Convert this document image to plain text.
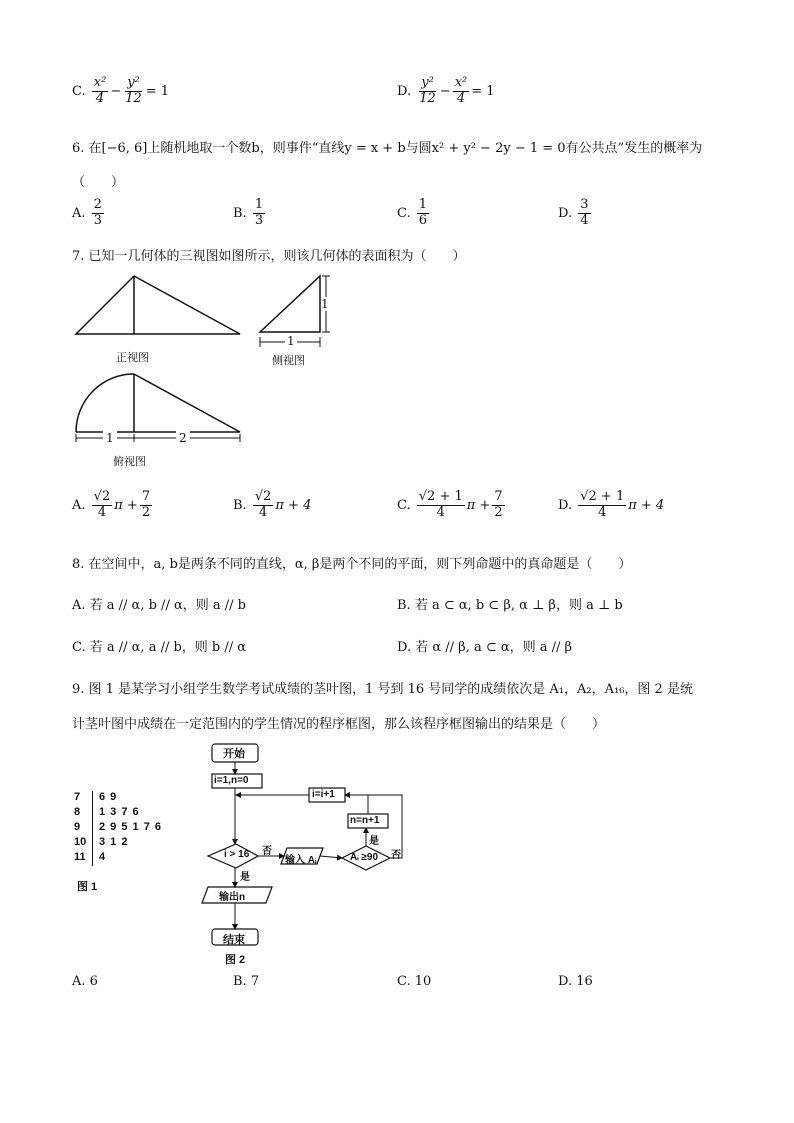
C. $\frac{\text{x²}}{4} - \frac{\text{y²}}{12} = 1$	D. $\frac{\text{y²}}{12} - \frac{\text{x²}}{4} = 1$
6. 在[−6, 6]上随机地取一个数b，则事件“直线y = x + b与圆x² + y² − 2y − 1 = 0有公共点”发生的概率为
（　　）
A. $\frac{2}{3}$	B. $\frac{1}{3}$	C. $\frac{1}{6}$	D. $\frac{3}{4}$
7. 已知一几何体的三视图如图所示，则该几何体的表面积为（　　）
正视图
1
1
侧视图
1	2
俯视图
A. $\frac{√2}{4}$ $\pi + \frac{7}{2}$	B. $\frac{√2}{4}$ π + 4	C. $\frac{√2 + 1}{4}$ $\pi + \frac{7}{2}$	D. $\frac{√2 + 1}{4}$ π + 4
8. 在空间中，a, b是两条不同的直线，α, β是两个不同的平面，则下列命题中的真命题是（　　）
A. 若 a // α, b // α，则 a // b	B. 若 a ⊂ α, b ⊂ β, α ⊥ β，则 a ⊥ b
C. 若 a // α, a // b，则 b // α	D. 若 α // β, a ⊂ α，则 a // β
9. 图 1 是某学习小组学生数学考试成绩的茎叶图，1 号到 16 号同学的成绩依次是 A₁，A₂，A₁₆，图 2 是统
计茎叶图中成绩在一定范围内的学生情况的程序框图，那么该程序框图输出的结果是（　　）
7	6 9
8	1 3 7 6
9	2 9 5 1 7 6
10	3 1 2
11	4
图 1
开始
i=1,n=0
i=i+1
n=n+1
是
i > 16 否
输入 Aᵢ	Aᵢ ≥90 否
是
输出n
结束
图 2
A. 6	B. 7	C. 10	D. 16
